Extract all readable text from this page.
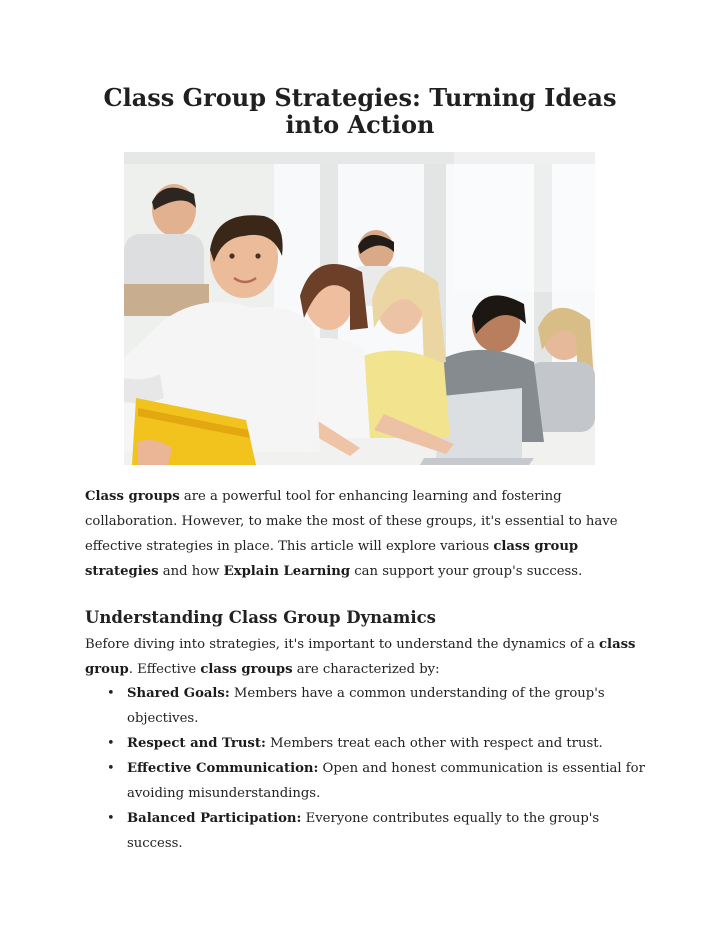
Class Group Strategies: Turning Ideas into Action

Class groups are a powerful tool for enhancing learning and fostering collaboration. However, to make the most of these groups, it's essential to have effective strategies in place. This article will explore various class group strategies and how Explain Learning can support your group's success.

Understanding Class Group Dynamics

Before diving into strategies, it's important to understand the dynamics of a class group. Effective class groups are characterized by:

• Shared Goals: Members have a common understanding of the group's objectives.
• Respect and Trust: Members treat each other with respect and trust.
• Effective Communication: Open and honest communication is essential for avoiding misunderstandings.
• Balanced Participation: Everyone contributes equally to the group's success.
